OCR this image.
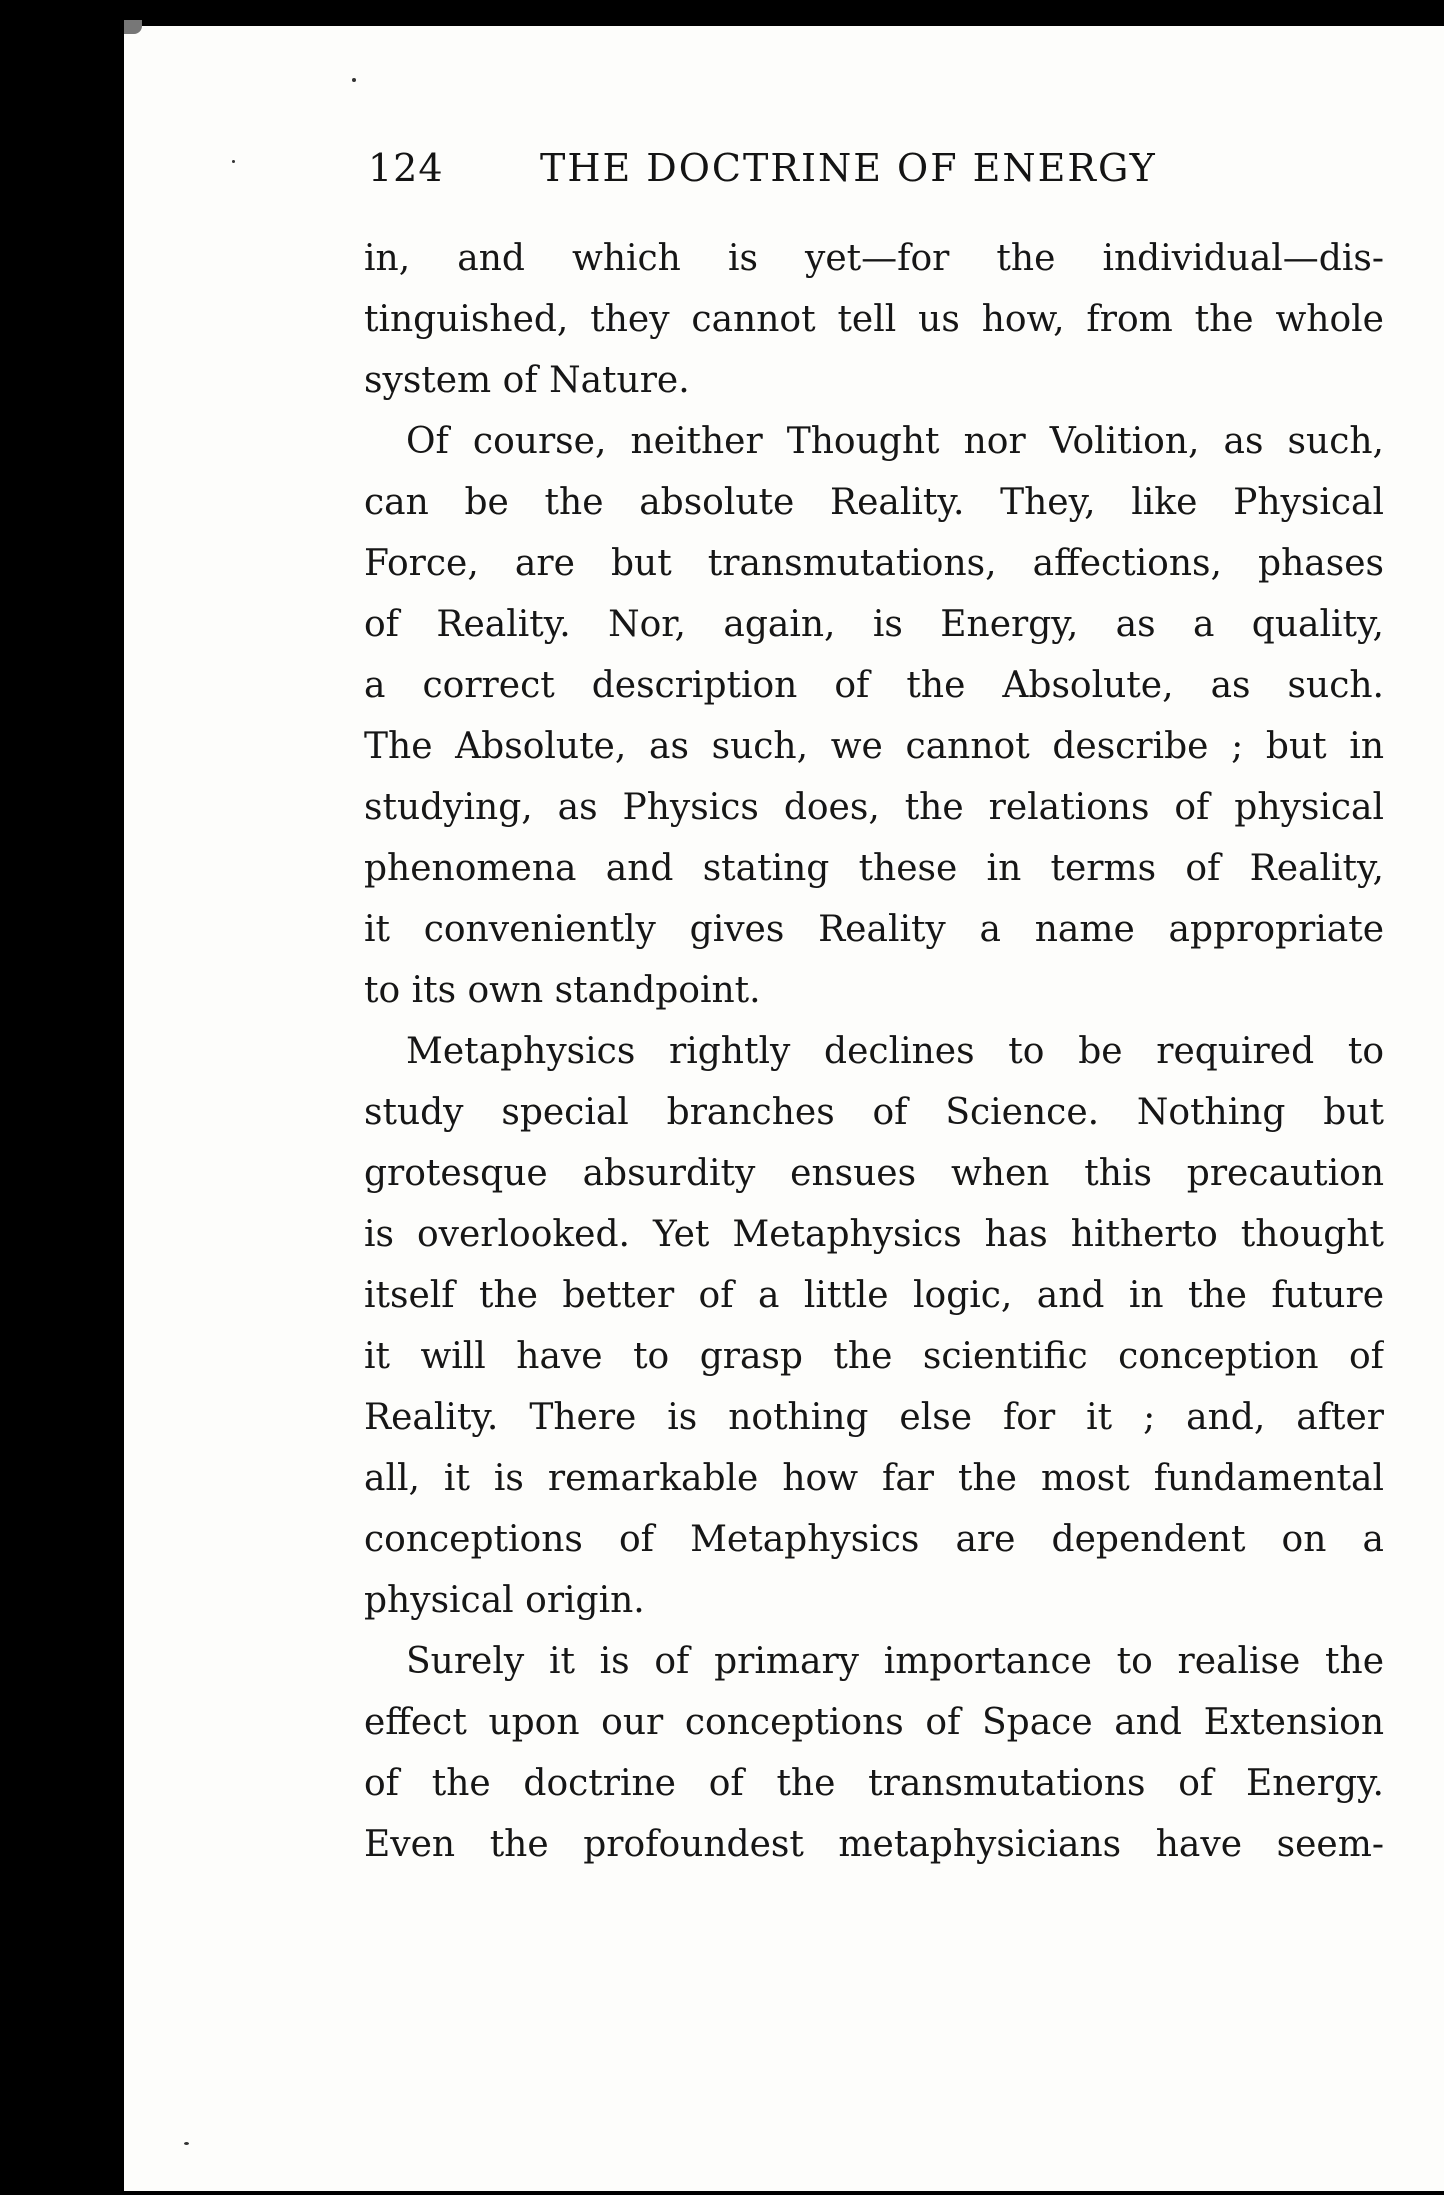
124	THE DOCTRINE OF ENERGY
in, and which is yet—for the individual—dis-
tinguished, they cannot tell us how, from the whole
system of Nature.
Of course, neither Thought nor Volition, as such,
can be the absolute Reality. They, like Physical
Force, are but transmutations, affections, phases
of Reality. Nor, again, is Energy, as a quality,
a correct description of the Absolute, as such.
The Absolute, as such, we cannot describe ; but in
studying, as Physics does, the relations of physical
phenomena and stating these in terms of Reality,
it conveniently gives Reality a name appropriate
to its own standpoint.
Metaphysics rightly declines to be required to
study special branches of Science. Nothing but
grotesque absurdity ensues when this precaution
is overlooked. Yet Metaphysics has hitherto thought
itself the better of a little logic, and in the future
it will have to grasp the scientific conception of
Reality. There is nothing else for it ; and, after
all, it is remarkable how far the most fundamental
conceptions of Metaphysics are dependent on a
physical origin.
Surely it is of primary importance to realise the
effect upon our conceptions of Space and Extension
of the doctrine of the transmutations of Energy.
Even the profoundest metaphysicians have seem-
